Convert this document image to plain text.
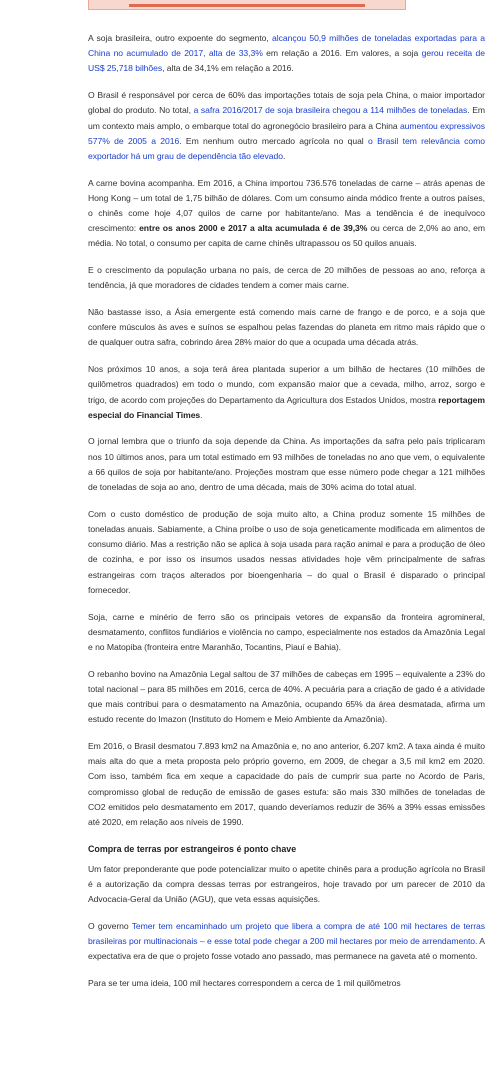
A soja brasileira, outro expoente do segmento, alcançou 50,9 milhões de toneladas exportadas para a China no acumulado de 2017, alta de 33,3% em relação a 2016. Em valores, a soja gerou receita de US$ 25,718 bilhões, alta de 34,1% em relação a 2016.

O Brasil é responsável por cerca de 60% das importações totais de soja pela China, o maior importador global do produto. No total, a safra 2016/2017 de soja brasileira chegou a 114 milhões de toneladas. Em um contexto mais amplo, o embarque total do agronegócio brasileiro para a China aumentou expressivos 577% de 2005 a 2016. Em nenhum outro mercado agrícola no qual o Brasil tem relevância como exportador há um grau de dependência tão elevado.

A carne bovina acompanha. Em 2016, a China importou 736.576 toneladas de carne – atrás apenas de Hong Kong – um total de 1,75 bilhão de dólares. Com um consumo ainda módico frente a outros países, o chinês come hoje 4,07 quilos de carne por habitante/ano. Mas a tendência é de inequívoco crescimento: entre os anos 2000 e 2017 a alta acumulada é de 39,3% ou cerca de 2,0% ao ano, em média. No total, o consumo per capita de carne chinês ultrapassou os 50 quilos anuais.

E o crescimento da população urbana no país, de cerca de 20 milhões de pessoas ao ano, reforça a tendência, já que moradores de cidades tendem a comer mais carne.

Não bastasse isso, a Ásia emergente está comendo mais carne de frango e de porco, e a soja que confere músculos às aves e suínos se espalhou pelas fazendas do planeta em ritmo mais rápido que o de qualquer outra safra, cobrindo área 28% maior do que a ocupada uma década atrás.

Nos próximos 10 anos, a soja terá área plantada superior a um bilhão de hectares (10 milhões de quilômetros quadrados) em todo o mundo, com expansão maior que a cevada, milho, arroz, sorgo e trigo, de acordo com projeções do Departamento da Agricultura dos Estados Unidos, mostra reportagem especial do Financial Times.

O jornal lembra que o triunfo da soja depende da China. As importações da safra pelo país triplicaram nos 10 últimos anos, para um total estimado em 93 milhões de toneladas no ano que vem, o equivalente a 66 quilos de soja por habitante/ano. Projeções mostram que esse número pode chegar a 121 milhões de toneladas de soja ao ano, dentro de uma década, mais de 30% acima do total atual.

Com o custo doméstico de produção de soja muito alto, a China produz somente 15 milhões de toneladas anuais. Sabiamente, a China proíbe o uso de soja geneticamente modificada em alimentos de consumo diário. Mas a restrição não se aplica à soja usada para ração animal e para a produção de óleo de cozinha, e por isso os insumos usados nessas atividades hoje vêm principalmente de safras estrangeiras com traços alterados por bioengenharia – do qual o Brasil é disparado o principal fornecedor.

Soja, carne e minério de ferro são os principais vetores de expansão da fronteira agromineral, desmatamento, conflitos fundiários e violência no campo, especialmente nos estados da Amazônia Legal e no Matopiba (fronteira entre Maranhão, Tocantins, Piauí e Bahia).

O rebanho bovino na Amazônia Legal saltou de 37 milhões de cabeças em 1995 – equivalente a 23% do total nacional – para 85 milhões em 2016, cerca de 40%. A pecuária para a criação de gado é a atividade que mais contribui para o desmatamento na Amazônia, ocupando 65% da área desmatada, afirma um estudo recente do Imazon (Instituto do Homem e Meio Ambiente da Amazônia).

Em 2016, o Brasil desmatou 7.893 km2 na Amazônia e, no ano anterior, 6.207 km2. A taxa ainda é muito mais alta do que a meta proposta pelo próprio governo, em 2009, de chegar a 3,5 mil km2 em 2020. Com isso, também fica em xeque a capacidade do país de cumprir sua parte no Acordo de Paris, compromisso global de redução de emissão de gases estufa: são mais 330 milhões de toneladas de CO2 emitidos pelo desmatamento em 2017, quando deveríamos reduzir de 36% a 39% essas emissões até 2020, em relação aos níveis de 1990.

Compra de terras por estrangeiros é ponto chave

Um fator preponderante que pode potencializar muito o apetite chinês para a produção agrícola no Brasil é a autorização da compra dessas terras por estrangeiros, hoje travado por um parecer de 2010 da Advocacia-Geral da União (AGU), que veta essas aquisições.

O governo Temer tem encaminhado um projeto que libera a compra de até 100 mil hectares de terras brasileiras por multinacionais – e esse total pode chegar a 200 mil hectares por meio de arrendamento. A expectativa era de que o projeto fosse votado ano passado, mas permanece na gaveta até o momento.

Para se ter uma ideia, 100 mil hectares correspondem a cerca de 1 mil quilômetros
